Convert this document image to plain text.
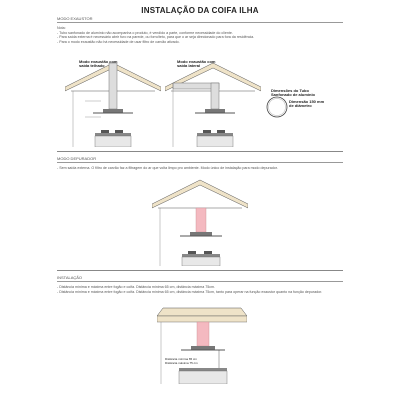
INSTALAÇÃO DA COIFA ILHA
MODO EXAUSTOR
Nota:
- Tubo sanfonado de alumínio não acompanha o produto, é vendido a parte, conforme necessidade do cliente.
- Para saída externa é necessário abrir furo na parede, ou forro/teto, para que o ar seja direcionado para fora da residência.
- Para o modo exaustão não há necessidade de usar filtro de carvão ativado.
Modo exaustão com saída telhado
Modo exaustão com saída lateral
Dimensões do Tubo Sanfonado de alumínio
Dimensão 150 mm de diâmetro
MODO DEPURADOR
- Sem saída externa. O filtro de carvão faz a filtragem do ar que volta limpo pro ambiente. Modo único de instalação para modo depurador.
INSTALAÇÃO
- Distância mínima e máxima entre fogão e coifa. Distância mínima 65 cm, distância máxima 75cm.
- Distância mínima e máxima entre fogão e coifa. Distância mínima 65 cm, distância máxima 75cm, tanto para operar na função exaustor quanto na função depurador.
Distância mínima 65 cm
Distância máxima 75 cm
